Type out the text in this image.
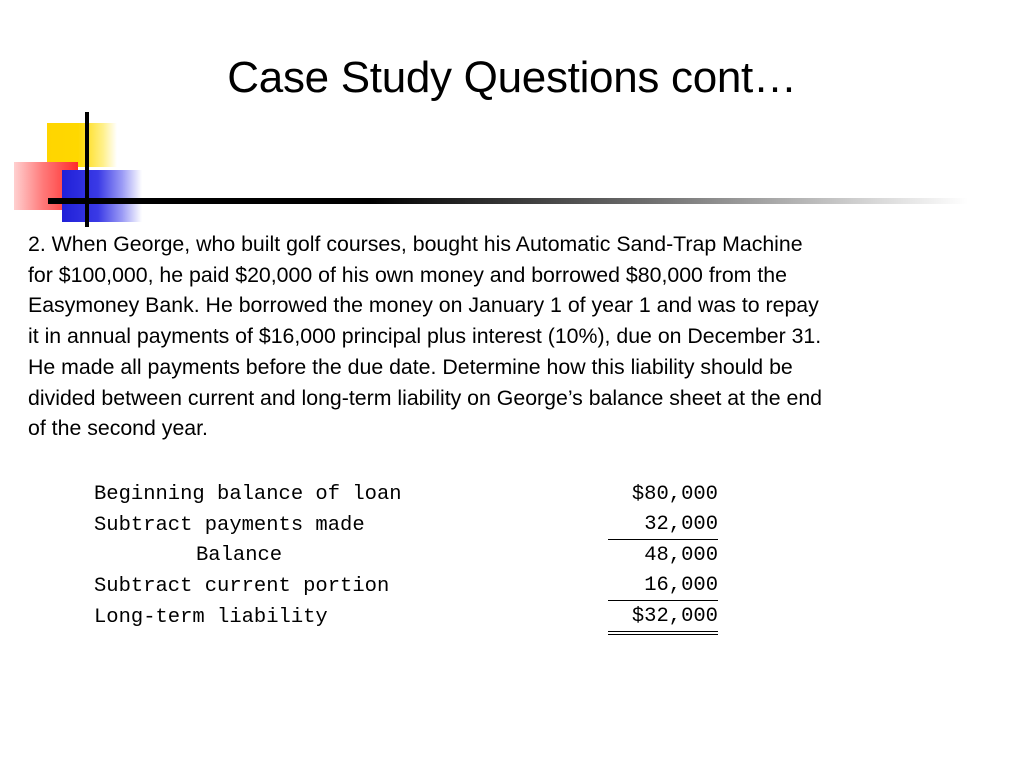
Case Study Questions cont…
2. When George, who built golf courses, bought his Automatic Sand-Trap Machine
for $100,000, he paid $20,000 of his own money and borrowed $80,000 from the
Easymoney Bank. He borrowed the money on January 1 of year 1 and was to repay
it in annual payments of $16,000 principal plus interest (10%), due on December 31.
He made all payments before the due date. Determine how this liability should be
divided between current and long-term liability on George’s balance sheet at the end
of the second year.
Beginning balance of loan	$80,000
Subtract payments made	32,000
Balance	48,000
Subtract current portion	16,000
Long-term liability	$32,000
